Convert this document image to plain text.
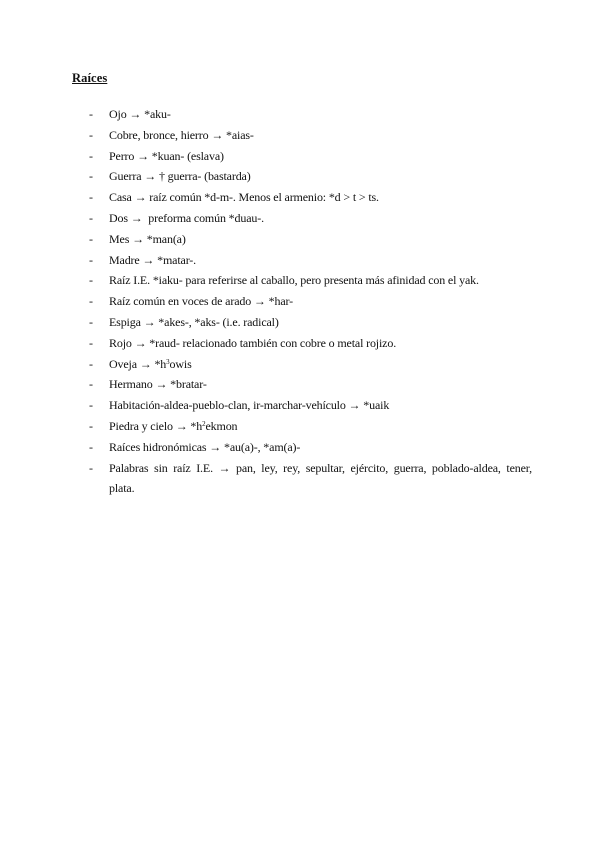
Raíces
- Ojo → *aku-
- Cobre, bronce, hierro → *aias-
- Perro → *kuan- (eslava)
- Guerra → † guerra- (bastarda)
- Casa → raíz común *d-m-. Menos el armenio: *d > t > ts.
- Dos →  preforma común *duau-.
- Mes → *man(a)
- Madre → *matar-.
- Raíz I.E. *iaku- para referirse al caballo, pero presenta más afinidad con el yak.
- Raíz común en voces de arado → *har-
- Espiga → *akes-, *aks- (i.e. radical)
- Rojo → *raud- relacionado también con cobre o metal rojizo.
- Oveja → $*h^3owis$
- Hermano → *bratar-
- Habitación-aldea-pueblo-clan, ir-marchar-vehículo → *uaik
- Piedra y cielo → $*h^2ekmon$
- Raíces hidronómicas → *au(a)-, *am(a)-
- Palabras sin raíz I.E. → pan, ley, rey, sepultar, ejército, guerra, poblado-aldea, tener, plata.
